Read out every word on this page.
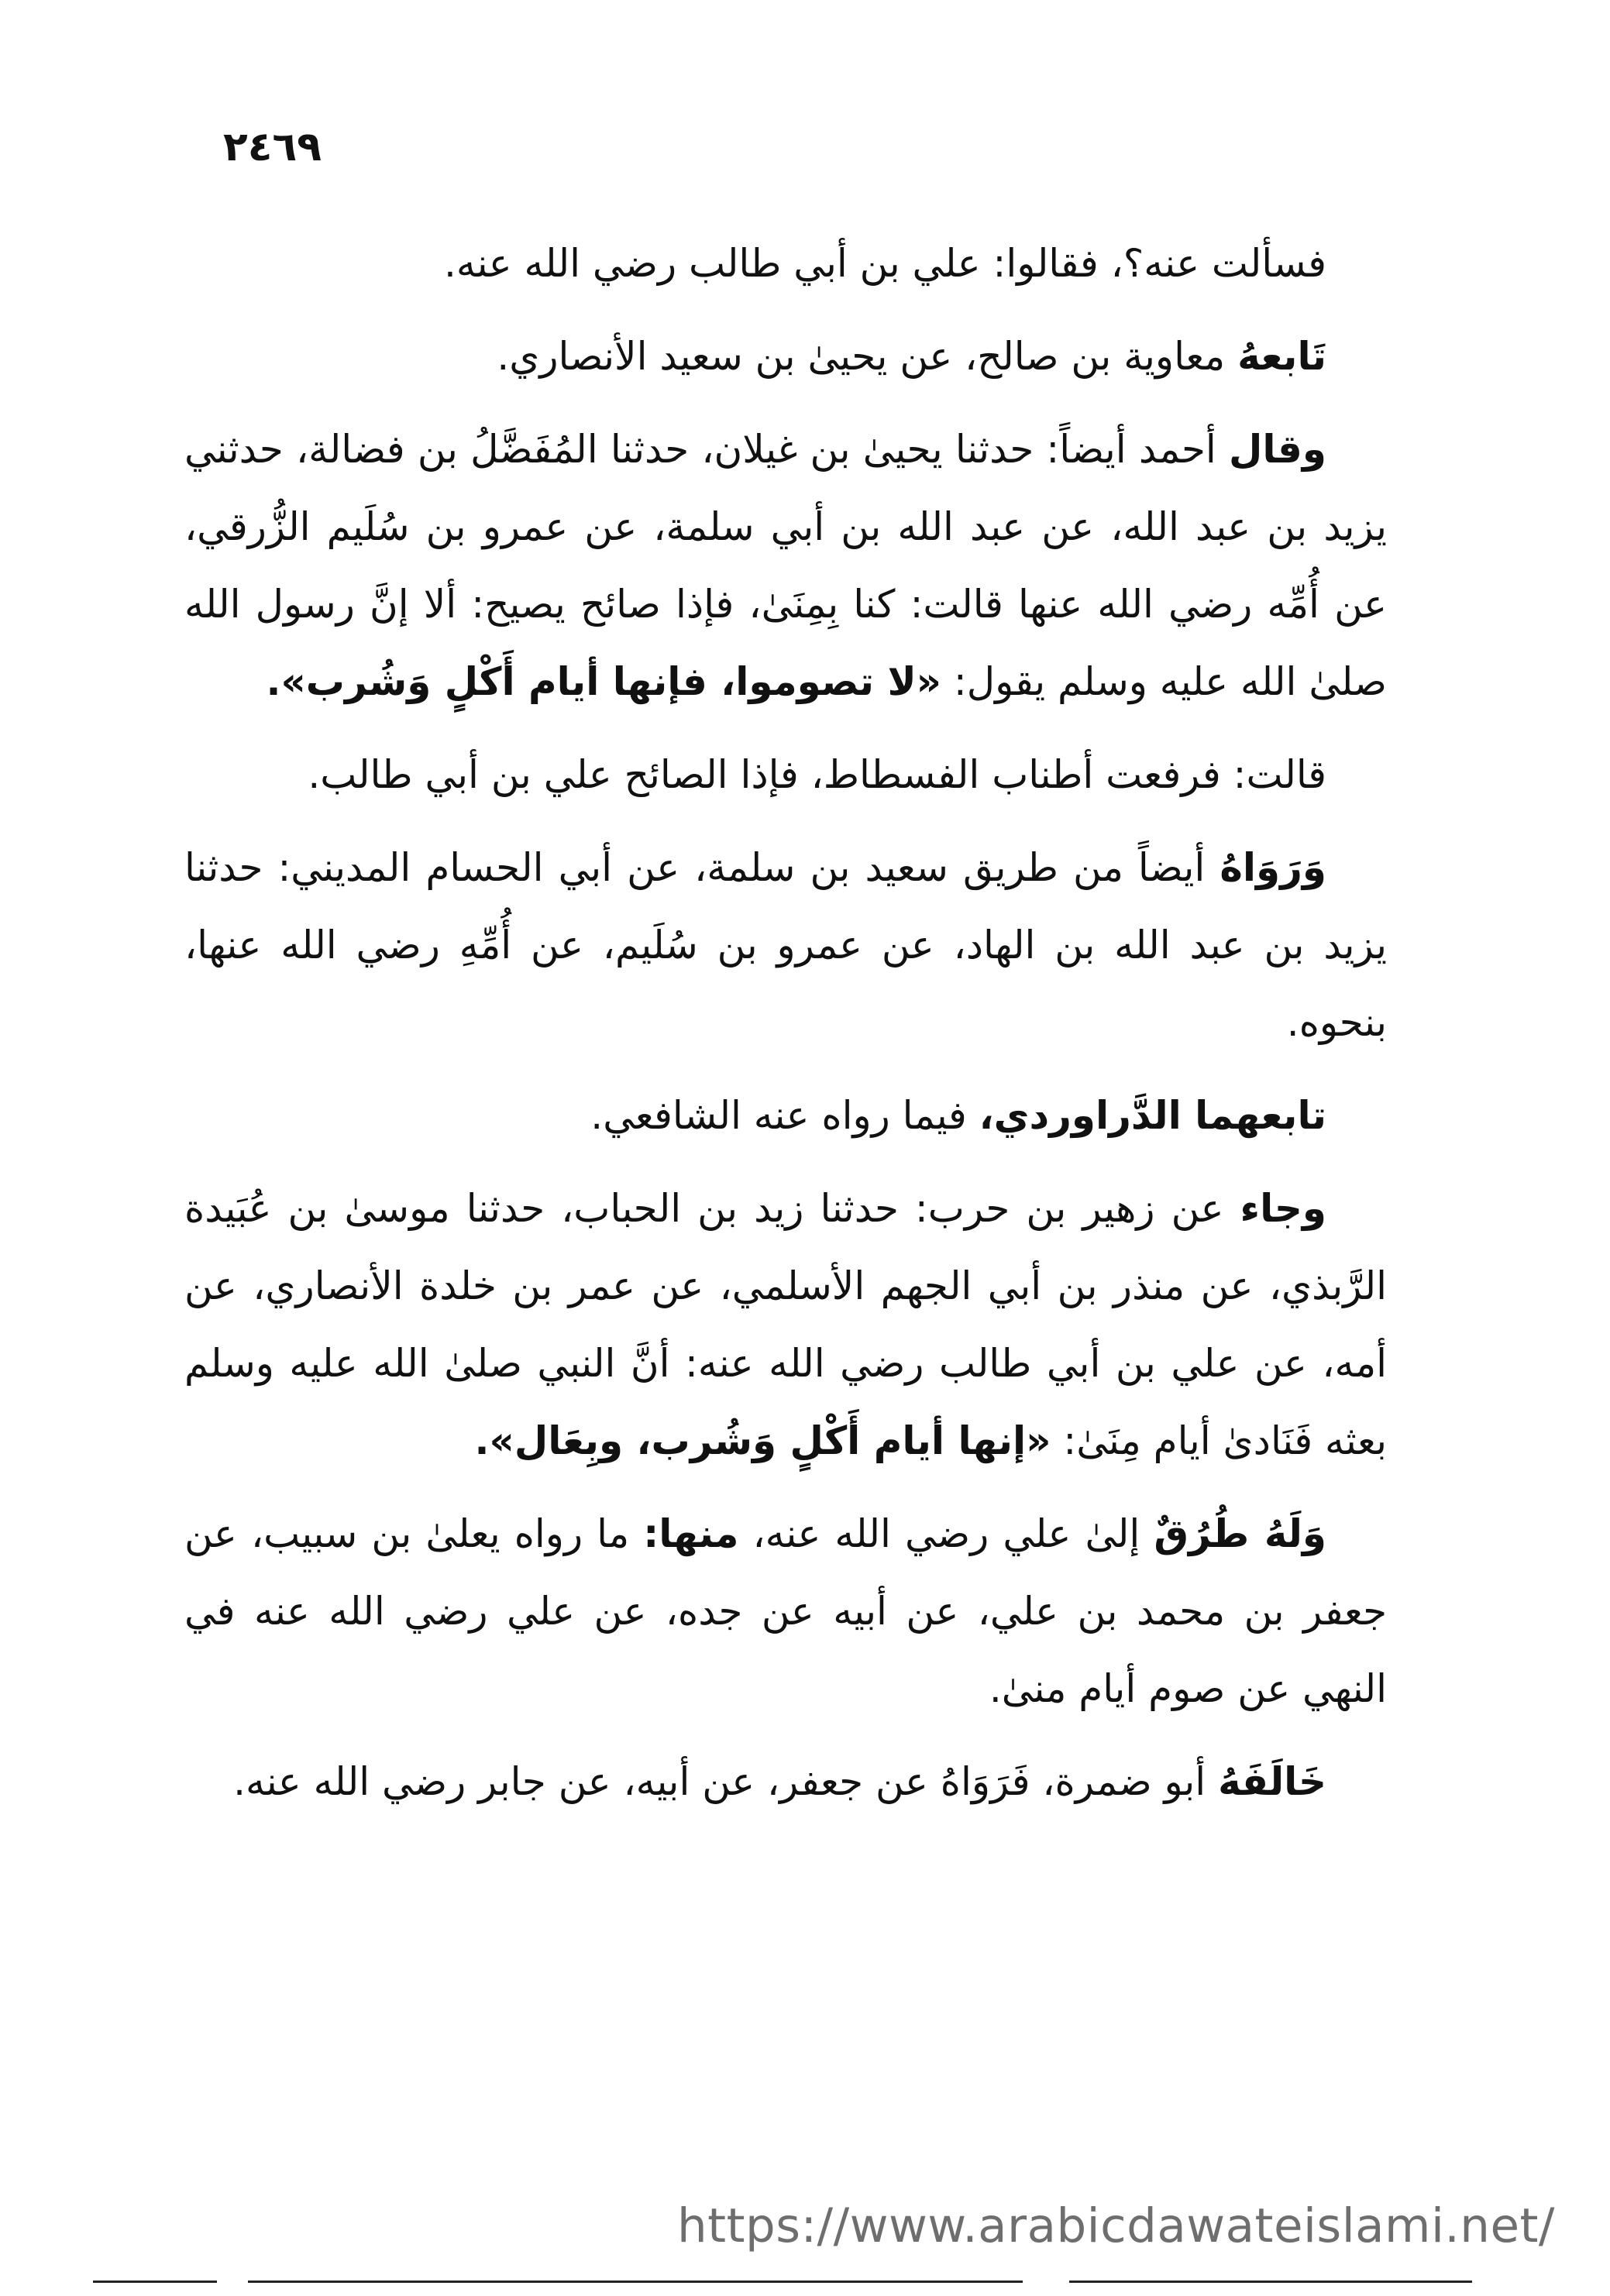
٢٤٦٩

فسألت عنه؟، فقالوا: علي بن أبي طالب رضي الله عنه.

تَابعهُ معاوية بن صالح، عن يحيىٰ بن سعيد الأنصاري.

وقال أحمد أيضاً: حدثنا يحيىٰ بن غيلان، حدثنا المُفَضَّلُ بن فضالة، حدثني يزيد بن عبد الله، عن عبد الله بن أبي سلمة، عن عمرو بن سُلَيم الزُّرقي، عن أُمِّه رضي الله عنها قالت: كنا بِمِنَىٰ، فإذا صائح يصيح: ألا إنَّ رسول الله صلىٰ الله عليه وسلم يقول: «لا تصوموا، فإنها أيام أَكْلٍ وَشُرب».

قالت: فرفعت أطناب الفسطاط، فإذا الصائح علي بن أبي طالب.

وَرَوَاهُ أيضاً من طريق سعيد بن سلمة، عن أبي الحسام المديني: حدثنا يزيد بن عبد الله بن الهاد، عن عمرو بن سُلَيم، عن أُمِّهِ رضي الله عنها، بنحوه.

تابعهما الدَّراوردي، فيما رواه عنه الشافعي.

وجاء عن زهير بن حرب: حدثنا زيد بن الحباب، حدثنا موسىٰ بن عُبَيدة الرَّبذي، عن منذر بن أبي الجهم الأسلمي، عن عمر بن خلدة الأنصاري، عن أمه، عن علي بن أبي طالب رضي الله عنه: أنَّ النبي صلىٰ الله عليه وسلم بعثه فَنَادىٰ أيام مِنَىٰ: «إنها أيام أَكْلٍ وَشُرب، وبِعَال».

وَلَهُ طُرُقٌ إلىٰ علي رضي الله عنه، منها: ما رواه يعلىٰ بن سبيب، عن جعفر بن محمد بن علي، عن أبيه عن جده، عن علي رضي الله عنه في النهي عن صوم أيام منىٰ.

خَالَفَهُ أبو ضمرة، فَرَوَاهُ عن جعفر، عن أبيه، عن جابر رضي الله عنه.

https://www.arabicdawateislami.net/
